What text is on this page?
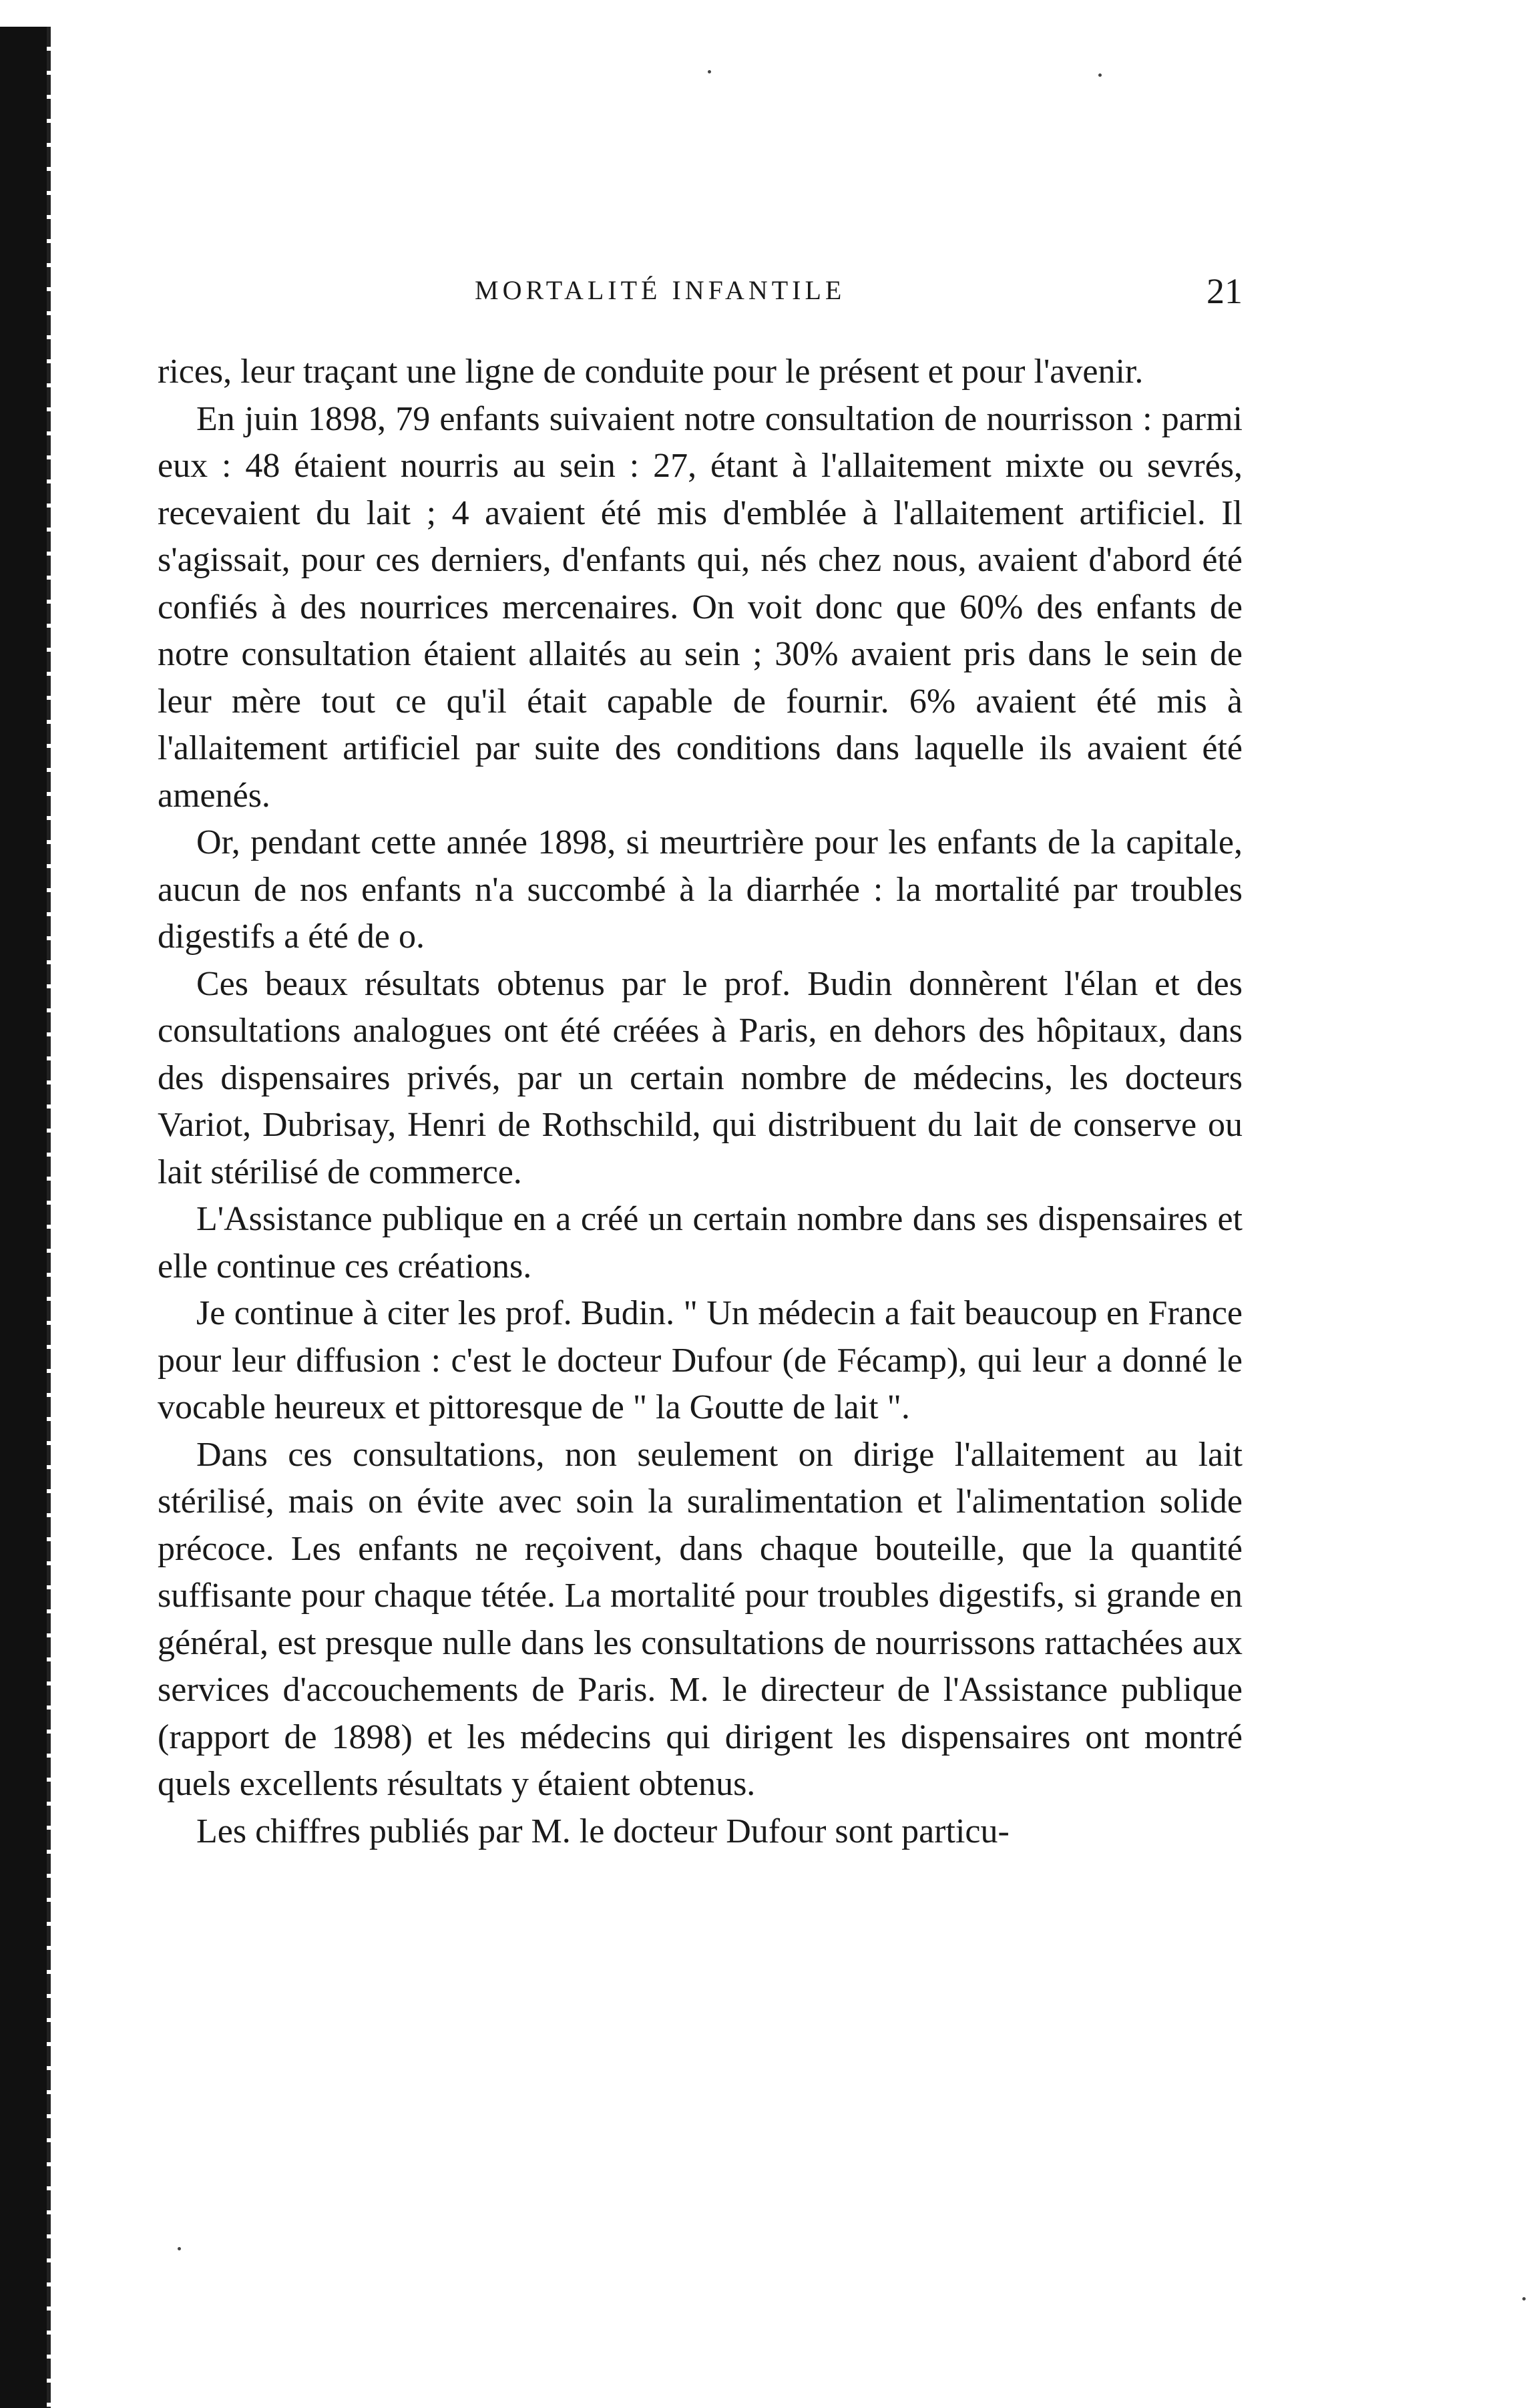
MORTALITÉ INFANTILE	21

rices, leur traçant une ligne de conduite pour le présent et pour l'avenir.

En juin 1898, 79 enfants suivaient notre consultation de nourrisson : parmi eux : 48 étaient nourris au sein : 27, étant à l'allaitement mixte ou sevrés, recevaient du lait ; 4 avaient été mis d'emblée à l'allaitement artificiel. Il s'agissait, pour ces derniers, d'enfants qui, nés chez nous, avaient d'abord été confiés à des nourrices mercenaires. On voit donc que 60% des enfants de notre consultation étaient allaités au sein ; 30% avaient pris dans le sein de leur mère tout ce qu'il était capable de fournir. 6% avaient été mis à l'allaitement artificiel par suite des conditions dans laquelle ils avaient été amenés.

Or, pendant cette année 1898, si meurtrière pour les enfants de la capitale, aucun de nos enfants n'a succombé à la diarrhée : la mortalité par troubles digestifs a été de o.

Ces beaux résultats obtenus par le prof. Budin donnèrent l'élan et des consultations analogues ont été créées à Paris, en dehors des hôpitaux, dans des dispensaires privés, par un certain nombre de médecins, les docteurs Variot, Dubrisay, Henri de Rothschild, qui distribuent du lait de conserve ou lait stérilisé de commerce.

L'Assistance publique en a créé un certain nombre dans ses dispensaires et elle continue ces créations.

Je continue à citer les prof. Budin. " Un médecin a fait beaucoup en France pour leur diffusion : c'est le docteur Dufour (de Fécamp), qui leur a donné le vocable heureux et pittoresque de " la Goutte de lait ".

Dans ces consultations, non seulement on dirige l'allaitement au lait stérilisé, mais on évite avec soin la suralimentation et l'alimentation solide précoce. Les enfants ne reçoivent, dans chaque bouteille, que la quantité suffisante pour chaque tétée. La mortalité pour troubles digestifs, si grande en général, est presque nulle dans les consultations de nourrissons rattachées aux services d'accouchements de Paris. M. le directeur de l'Assistance publique (rapport de 1898) et les médecins qui dirigent les dispensaires ont montré quels excellents résultats y étaient obtenus.

Les chiffres publiés par M. le docteur Dufour sont particu-
